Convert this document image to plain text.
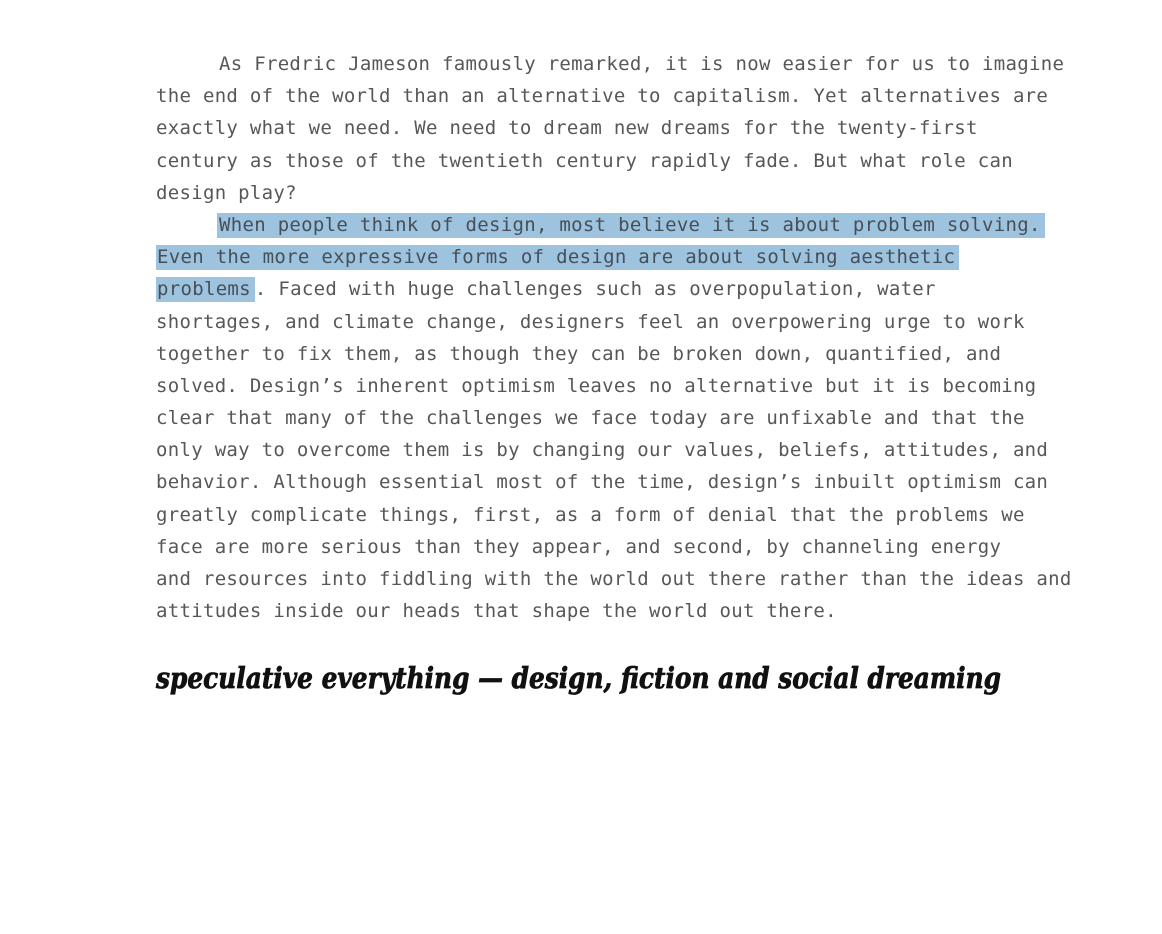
As Fredric Jameson famously remarked, it is now easier for us to imagine
the end of the world than an alternative to capitalism. Yet alternatives are
exactly what we need. We need to dream new dreams for the twenty-first
century as those of the twentieth century rapidly fade. But what role can
design play?
When people think of design, most believe it is about problem solving.
Even the more expressive forms of design are about solving aesthetic
problems . Faced with huge challenges such as overpopulation, water
shortages, and climate change, designers feel an overpowering urge to work
together to fix them, as though they can be broken down, quantified, and
solved. Design’s inherent optimism leaves no alternative but it is becoming
clear that many of the challenges we face today are unfixable and that the
only way to overcome them is by changing our values, beliefs, attitudes, and
behavior. Although essential most of the time, design’s inbuilt optimism can
greatly complicate things, first, as a form of denial that the problems we
face are more serious than they appear, and second, by channeling energy
and resources into fiddling with the world out there rather than the ideas and
attitudes inside our heads that shape the world out there.
speculative everything — design, fiction and social dreaming
